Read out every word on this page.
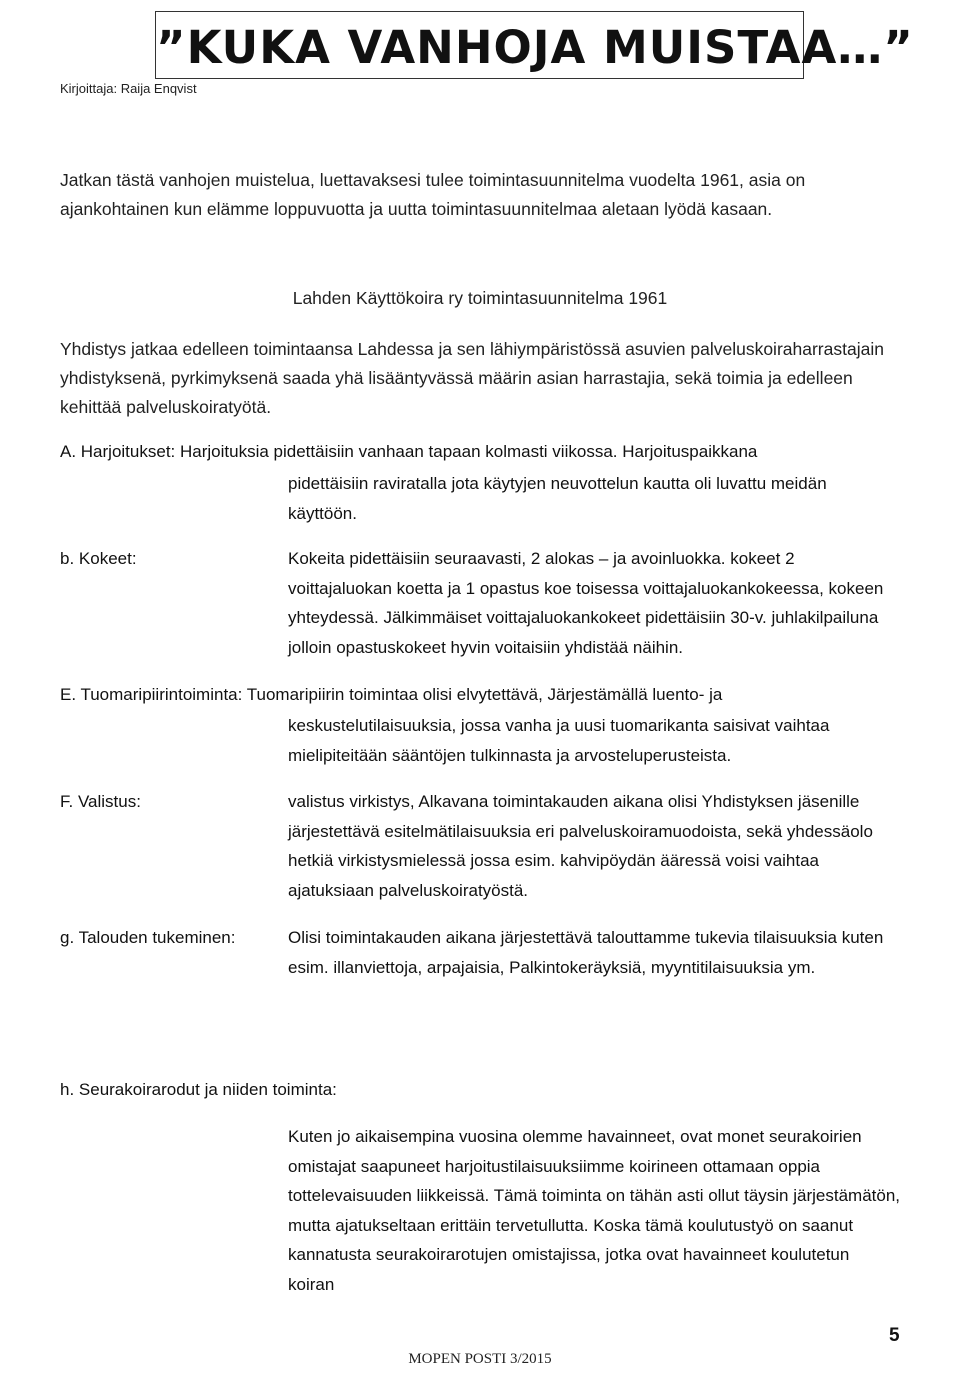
Kirjoittaja: Raija Enqvist
”KUKA VANHOJA MUISTAA…”
Jatkan tästä vanhojen muistelua, luettavaksesi tulee toimintasuunnitelma vuodelta 1961, asia on ajankohtainen kun elämme loppuvuotta ja uutta toimintasuunnitelmaa aletaan lyödä kasaan.
Lahden Käyttökoira ry toimintasuunnitelma 1961
Yhdistys jatkaa edelleen toimintaansa Lahdessa ja sen lähiympäristössä asuvien palveluskoiraharrastajain yhdistyksenä, pyrkimyksenä saada yhä lisääntyvässä määrin asian harrastajia, sekä toimia ja edelleen kehittää palveluskoiratyötä.
A. Harjoitukset: Harjoituksia pidettäisiin vanhaan tapaan kolmasti viikossa. Harjoituspaikkana
pidettäisiin raviratalla jota käytyjen neuvottelun kautta oli luvattu meidän käyttöön.
b. Kokeet:	Kokeita pidettäisiin seuraavasti, 2 alokas – ja avoinluokka. kokeet 2 voittajaluokan koetta ja 1 opastus koe toisessa voittajaluokankokeessa, kokeen yhteydessä. Jälkimmäiset voittajaluokankokeet pidettäisiin 30-v. juhlakilpailuna jolloin opastuskokeet hyvin voitaisiin yhdistää näihin.
E. Tuomaripiirintoiminta: Tuomaripiirin toimintaa olisi elvytettävä, Järjestämällä luento- ja
keskustelutilaisuuksia, jossa vanha ja uusi tuomarikanta saisivat vaihtaa mielipiteitään sääntöjen tulkinnasta ja arvosteluperusteista.
F. Valistus:	valistus virkistys, Alkavana toimintakauden aikana olisi Yhdistyksen jäsenille järjestettävä esitelmätilaisuuksia eri palveluskoiramuodoista, sekä yhdessäolo hetkiä virkistysmielessä jossa esim. kahvipöydän ääressä voisi vaihtaa ajatuksiaan palveluskoiratyöstä.
g. Talouden tukeminen:	Olisi toimintakauden aikana järjestettävä talouttamme tukevia tilaisuuksia kuten esim. illanviettoja, arpajaisia, Palkintokeräyksiä, myyntitilaisuuksia ym.
h. Seurakoirarodut ja niiden toiminta:
Kuten jo aikaisempina vuosina olemme havainneet, ovat monet seurakoirien omistajat saapuneet harjoitustilaisuuksiimme koirineen ottamaan oppia tottelevaisuuden liikkeissä. Tämä toiminta on tähän asti ollut täysin järjestämätön, mutta ajatukseltaan erittäin tervetullutta. Koska tämä koulutustyö on saanut kannatusta seurakoirarotujen omistajissa, jotka ovat havainneet koulutetun koiran
5
MOPEN POSTI 3/2015
